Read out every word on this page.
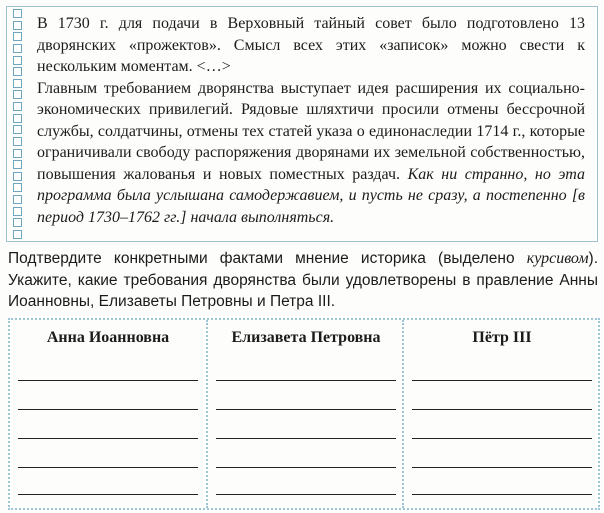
В 1730 г. для подачи в Верховный тайный совет было подготовлено 13 дворянских «прожектов». Смысл всех этих «записок» можно свести к нескольким моментам. <…>

Главным требованием дворянства выступает идея расширения их социально-экономических привилегий. Рядовые шляхтичи просили отмены бессрочной службы, солдатчины, отмены тех статей указа о единонаследии 1714 г., которые ограничивали свободу распоряжения дворянами их земельной собственностью, повышения жалованья и новых поместных раздач. Как ни странно, но эта программа была услышана самодержавием, и пусть не сразу, а постепенно [в период 1730–1762 гг.] начала выполняться.

Подтвердите конкретными фактами мнение историка (выделено курсивом). Укажите, какие требования дворянства были удовлетворены в правление Анны Иоанновны, Елизаветы Петровны и Петра III.
Анна Иоанновна	Елизавета Петровна	Пётр III
